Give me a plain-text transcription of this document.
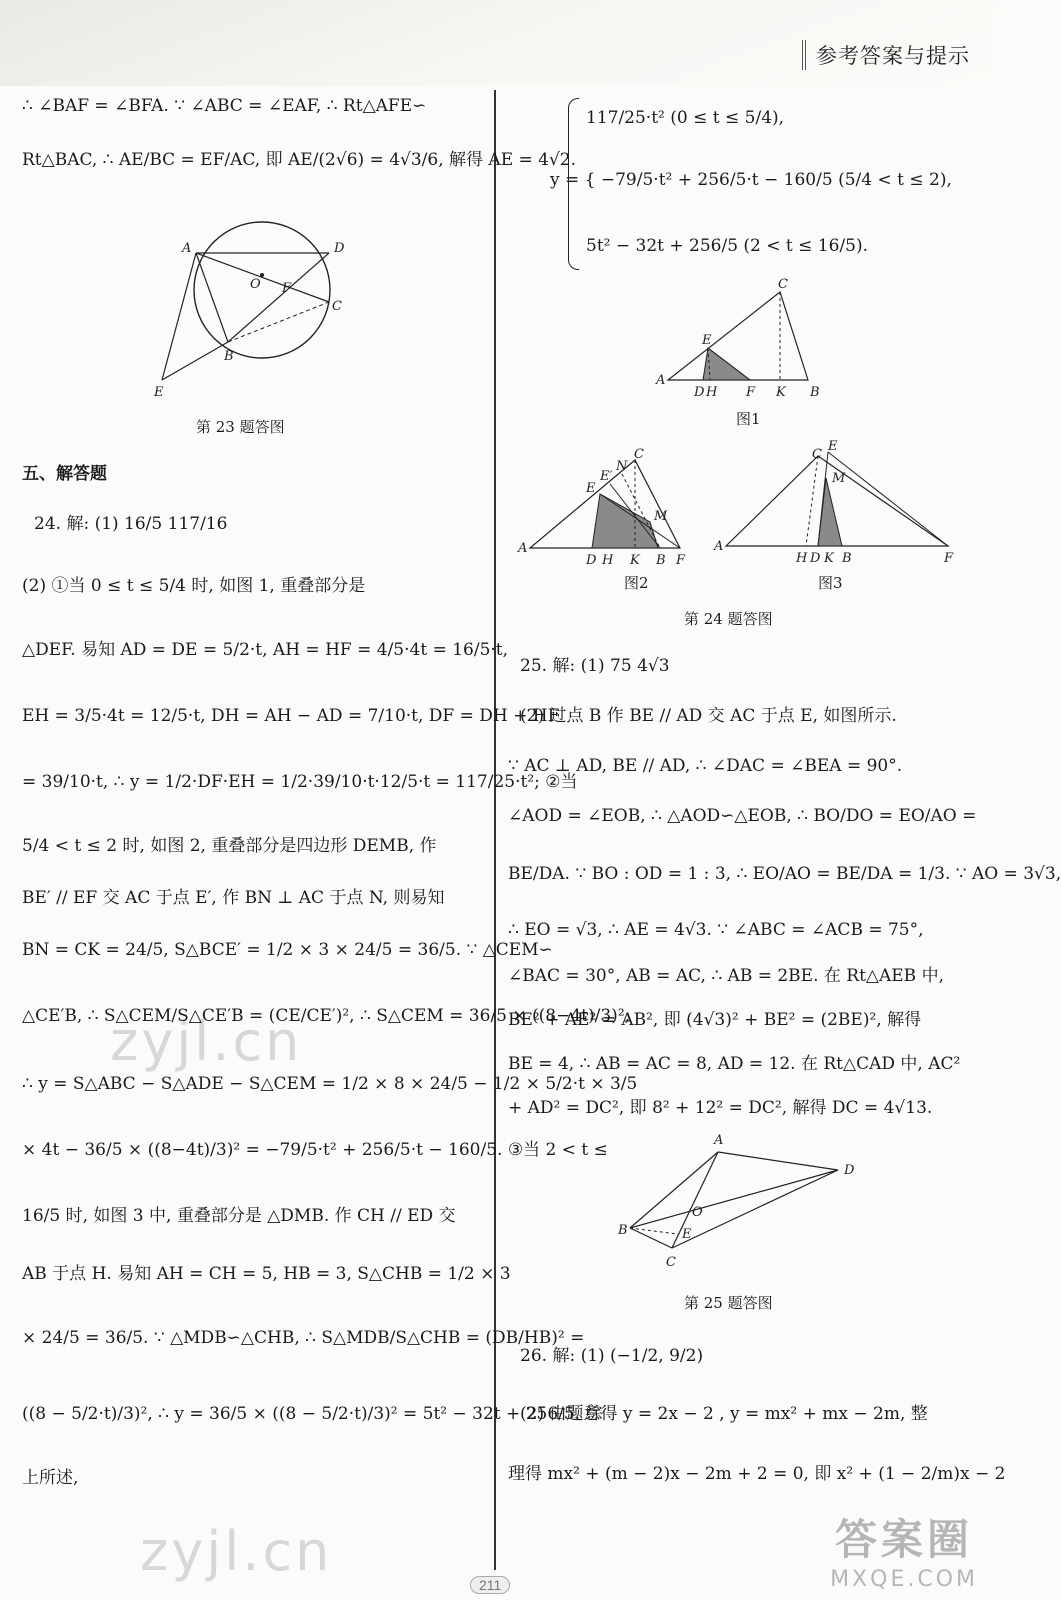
参考答案与提示
∴ ∠BAF = ∠BFA. ∵ ∠ABC = ∠EAF, ∴ Rt△AFE∽
Rt△BAC, ∴ AE/BC = EF/AC, 即 AE/(2√6) = 4√3/6, 解得 AE = 4√2.
A	D
O F
C
B
E
第 23 题答图
五、解答题
24. 解: (1) 16/5 117/16
(2) ①当 0 ≤ t ≤ 5/4 时, 如图 1, 重叠部分是
△DEF. 易知 AD = DE = 5/2·t, AH = HF = 4/5·4t = 16/5·t,
EH = 3/5·4t = 12/5·t, DH = AH − AD = 7/10·t, DF = DH + HF
= 39/10·t, ∴ y = 1/2·DF·EH = 1/2·39/10·t·12/5·t = 117/25·t²; ②当
5/4 < t ≤ 2 时, 如图 2, 重叠部分是四边形 DEMB, 作
BE′ // EF 交 AC 于点 E′, 作 BN ⊥ AC 于点 N, 则易知
BN = CK = 24/5, S△BCE′ = 1/2 × 3 × 24/5 = 36/5. ∵ △CEM∽
△CE′B, ∴ S△CEM/S△CE′B = (CE/CE′)², ∴ S△CEM = 36/5 × ((8−4t)/3)²,
∴ y = S△ABC − S△ADE − S△CEM = 1/2 × 8 × 24/5 − 1/2 × 5/2·t × 3/5
× 4t − 36/5 × ((8−4t)/3)² = −79/5·t² + 256/5·t − 160/5. ③当 2 < t ≤
16/5 时, 如图 3 中, 重叠部分是 △DMB. 作 CH // ED 交
AB 于点 H. 易知 AH = CH = 5, HB = 3, S△CHB = 1/2 × 3
× 24/5 = 36/5. ∵ △MDB∽△CHB, ∴ S△MDB/S△CHB = (DB/HB)² =
((8 − 5/2·t)/3)², ∴ y = 36/5 × ((8 − 5/2·t)/3)² = 5t² − 32t + 256/5. 综
上所述,
117/25·t² (0 ≤ t ≤ 5/4),
y = { −79/5·t² + 256/5·t − 160/5 (5/4 < t ≤ 2),
5t² − 32t + 256/5 (2 < t ≤ 16/5).
A
D H F K B
C
E
图1
A
D H K B F
C
E
E′
N
M
图2
A
H D K B	F
C
E
M
图3
第 24 题答图
25. 解: (1) 75 4√3
(2) 过点 B 作 BE // AD 交 AC 于点 E, 如图所示.
∵ AC ⊥ AD, BE // AD, ∴ ∠DAC = ∠BEA = 90°.
∠AOD = ∠EOB, ∴ △AOD∽△EOB, ∴ BO/DO = EO/AO =
BE/DA. ∵ BO : OD = 1 : 3, ∴ EO/AO = BE/DA = 1/3. ∵ AO = 3√3,
∴ EO = √3, ∴ AE = 4√3. ∵ ∠ABC = ∠ACB = 75°,
∠BAC = 30°, AB = AC, ∴ AB = 2BE. 在 Rt△AEB 中,
BE² + AE² = AB², 即 (4√3)² + BE² = (2BE)², 解得
BE = 4, ∴ AB = AC = 8, AD = 12. 在 Rt△CAD 中, AC²
+ AD² = DC², 即 8² + 12² = DC², 解得 DC = 4√13.
A
B
C
D
E
O
第 25 题答图
26. 解: (1) (−1/2, 9/2)
(2) 由题意得 y = 2x − 2 , y = mx² + mx − 2m, 整
理得 mx² + (m − 2)x − 2m + 2 = 0, 即 x² + (1 − 2/m)x − 2
zyjl.cn
zyjl.cn	答案圈
MXQE.COM
211
